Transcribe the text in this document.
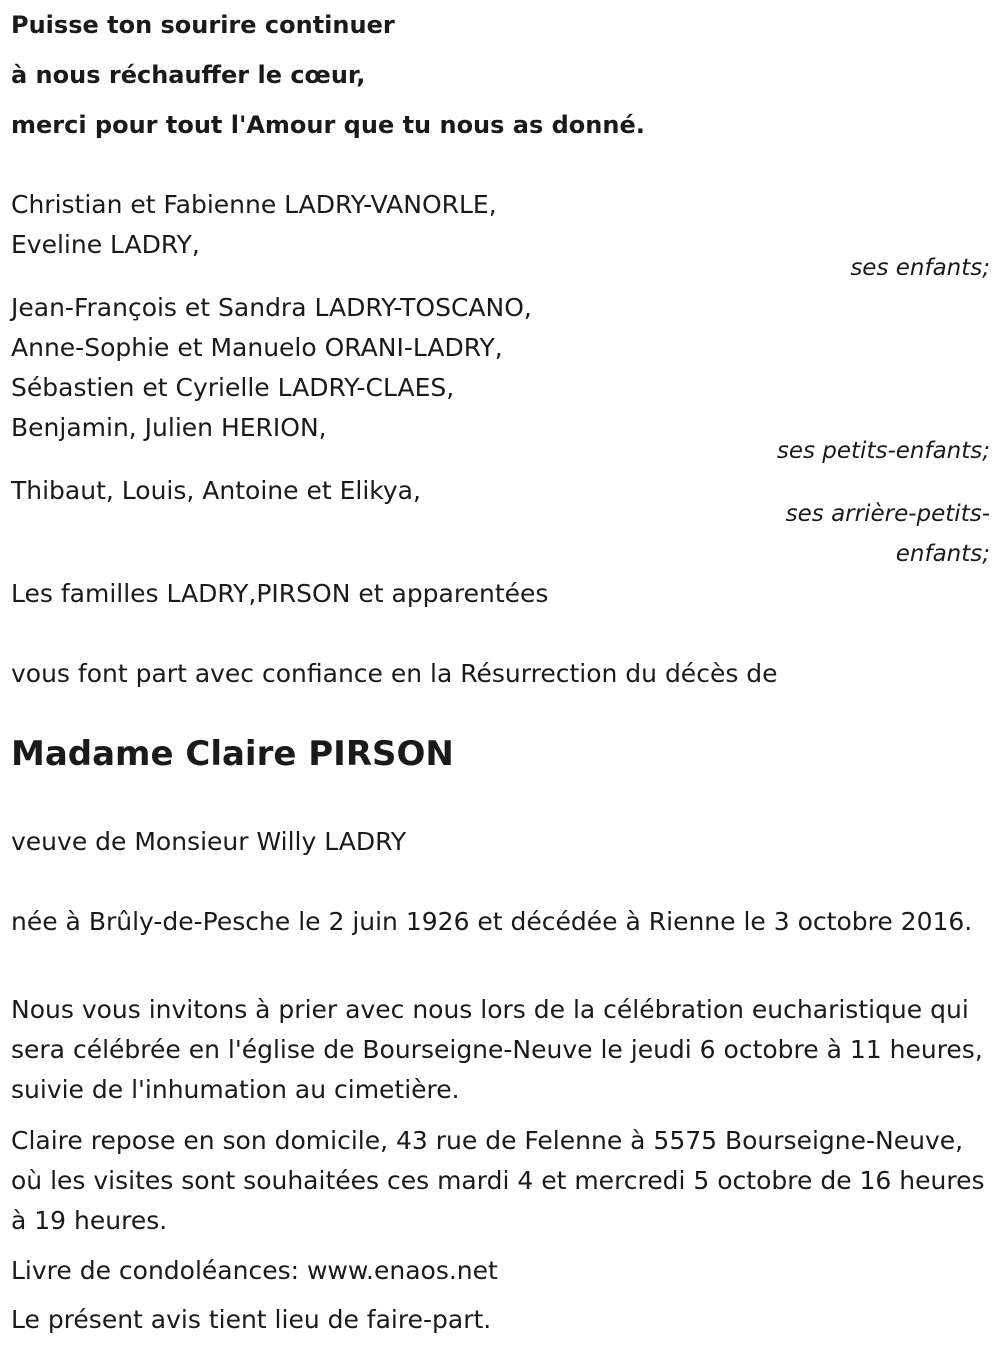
Puisse ton sourire continuer

à nous réchauffer le cœur,

merci pour tout l'Amour que tu nous as donné.

Christian et Fabienne LADRY-VANORLE,
Eveline LADRY,
ses enfants;
Jean-François et Sandra LADRY-TOSCANO,
Anne-Sophie et Manuelo ORANI-LADRY,
Sébastien et Cyrielle LADRY-CLAES,
Benjamin, Julien HERION,
ses petits-enfants;
Thibaut, Louis, Antoine et Elikya,
ses arrière-petits-
enfants;

Les familles LADRY,PIRSON et apparentées

vous font part avec confiance en la Résurrection du décès de

Madame Claire PIRSON

veuve de Monsieur Willy LADRY

née à Brûly-de-Pesche le 2 juin 1926 et décédée à Rienne le 3 octobre 2016.

Nous vous invitons à prier avec nous lors de la célébration eucharistique qui sera célébrée en l'église de Bourseigne-Neuve le jeudi 6 octobre à 11 heures, suivie de l'inhumation au cimetière.

Claire repose en son domicile, 43 rue de Felenne à 5575 Bourseigne-Neuve, où les visites sont souhaitées ces mardi 4 et mercredi 5 octobre de 16 heures à 19 heures.

Livre de condoléances: www.enaos.net

Le présent avis tient lieu de faire-part.
